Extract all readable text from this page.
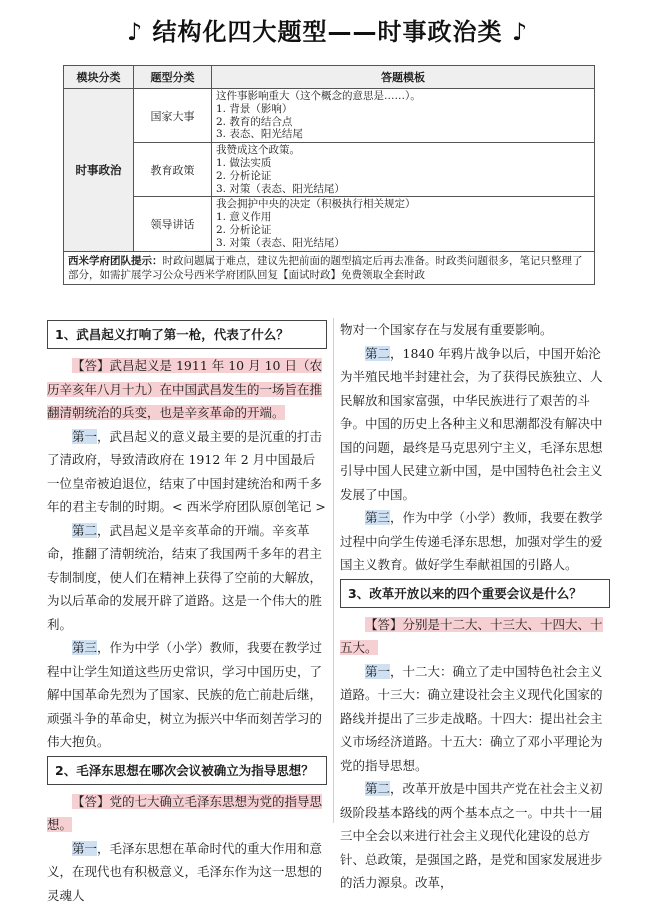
♪ 结构化四大题型——时事政治类 ♪
模块分类	题型分类	答题模板
时事政治	国家大事	这件事影响重大（这个概念的意思是……）。
1. 背景（影响）
2. 教育的结合点
3. 表态、阳光结尾

	教育政策	我赞成这个政策。
1. 做法实质
2. 分析论证
3. 对策（表态、阳光结尾）

	领导讲话	我会拥护中央的决定（积极执行相关规定）
1. 意义作用
2. 分析论证
3. 对策（表态、阳光结尾）

西米学府团队提示：时政问题属于难点，建议先把前面的题型搞定后再去准备。时政类问题很多，笔记只整理了部分，如需扩展学习公众号西米学府团队回复【面试时政】免费领取全套时政		
1、武昌起义打响了第一枪，代表了什么？

【答】武昌起义是 1911 年 10 月 10 日（农历辛亥年八月十九）在中国武昌发生的一场旨在推翻清朝统治的兵变，也是辛亥革命的开端。

第一，武昌起义的意义最主要的是沉重的打击了清政府，导致清政府在 1912 年 2 月中国最后一位皇帝被迫退位，结束了中国封建统治和两千多年的君主专制的时期。< 西米学府团队原创笔记 >

第二，武昌起义是辛亥革命的开端。辛亥革命，推翻了清朝统治，结束了我国两千多年的君主专制制度，使人们在精神上获得了空前的大解放，为以后革命的发展开辟了道路。这是一个伟大的胜利。

第三，作为中学（小学）教师，我要在教学过程中让学生知道这些历史常识，学习中国历史，了解中国革命先烈为了国家、民族的危亡前赴后继，顽强斗争的革命史，树立为振兴中华而刻苦学习的伟大抱负。

2、毛泽东思想在哪次会议被确立为指导思想？

【答】党的七大确立毛泽东思想为党的指导思想。

第一，毛泽东思想在革命时代的重大作用和意义，在现代也有积极意义，毛泽东作为这一思想的灵魂人

物对一个国家存在与发展有重要影响。

第二，1840 年鸦片战争以后，中国开始沦为半殖民地半封建社会，为了获得民族独立、人民解放和国家富强，中华民族进行了艰苦的斗争。中国的历史上各种主义和思潮都没有解决中国的问题，最终是马克思列宁主义，毛泽东思想引导中国人民建立新中国，是中国特色社会主义发展了中国。

第三，作为中学（小学）教师，我要在教学过程中向学生传递毛泽东思想，加强对学生的爱国主义教育。做好学生奉献祖国的引路人。

3、改革开放以来的四个重要会议是什么？

【答】分别是十二大、十三大、十四大、十五大。

第一，十二大：确立了走中国特色社会主义道路。十三大：确立建设社会主义现代化国家的路线并提出了三步走战略。十四大：提出社会主义市场经济道路。十五大：确立了邓小平理论为党的指导思想。

第二，改革开放是中国共产党在社会主义初级阶段基本路线的两个基本点之一。中共十一届三中全会以来进行社会主义现代化建设的总方针、总政策，是强国之路，是党和国家发展进步的活力源泉。改革，
